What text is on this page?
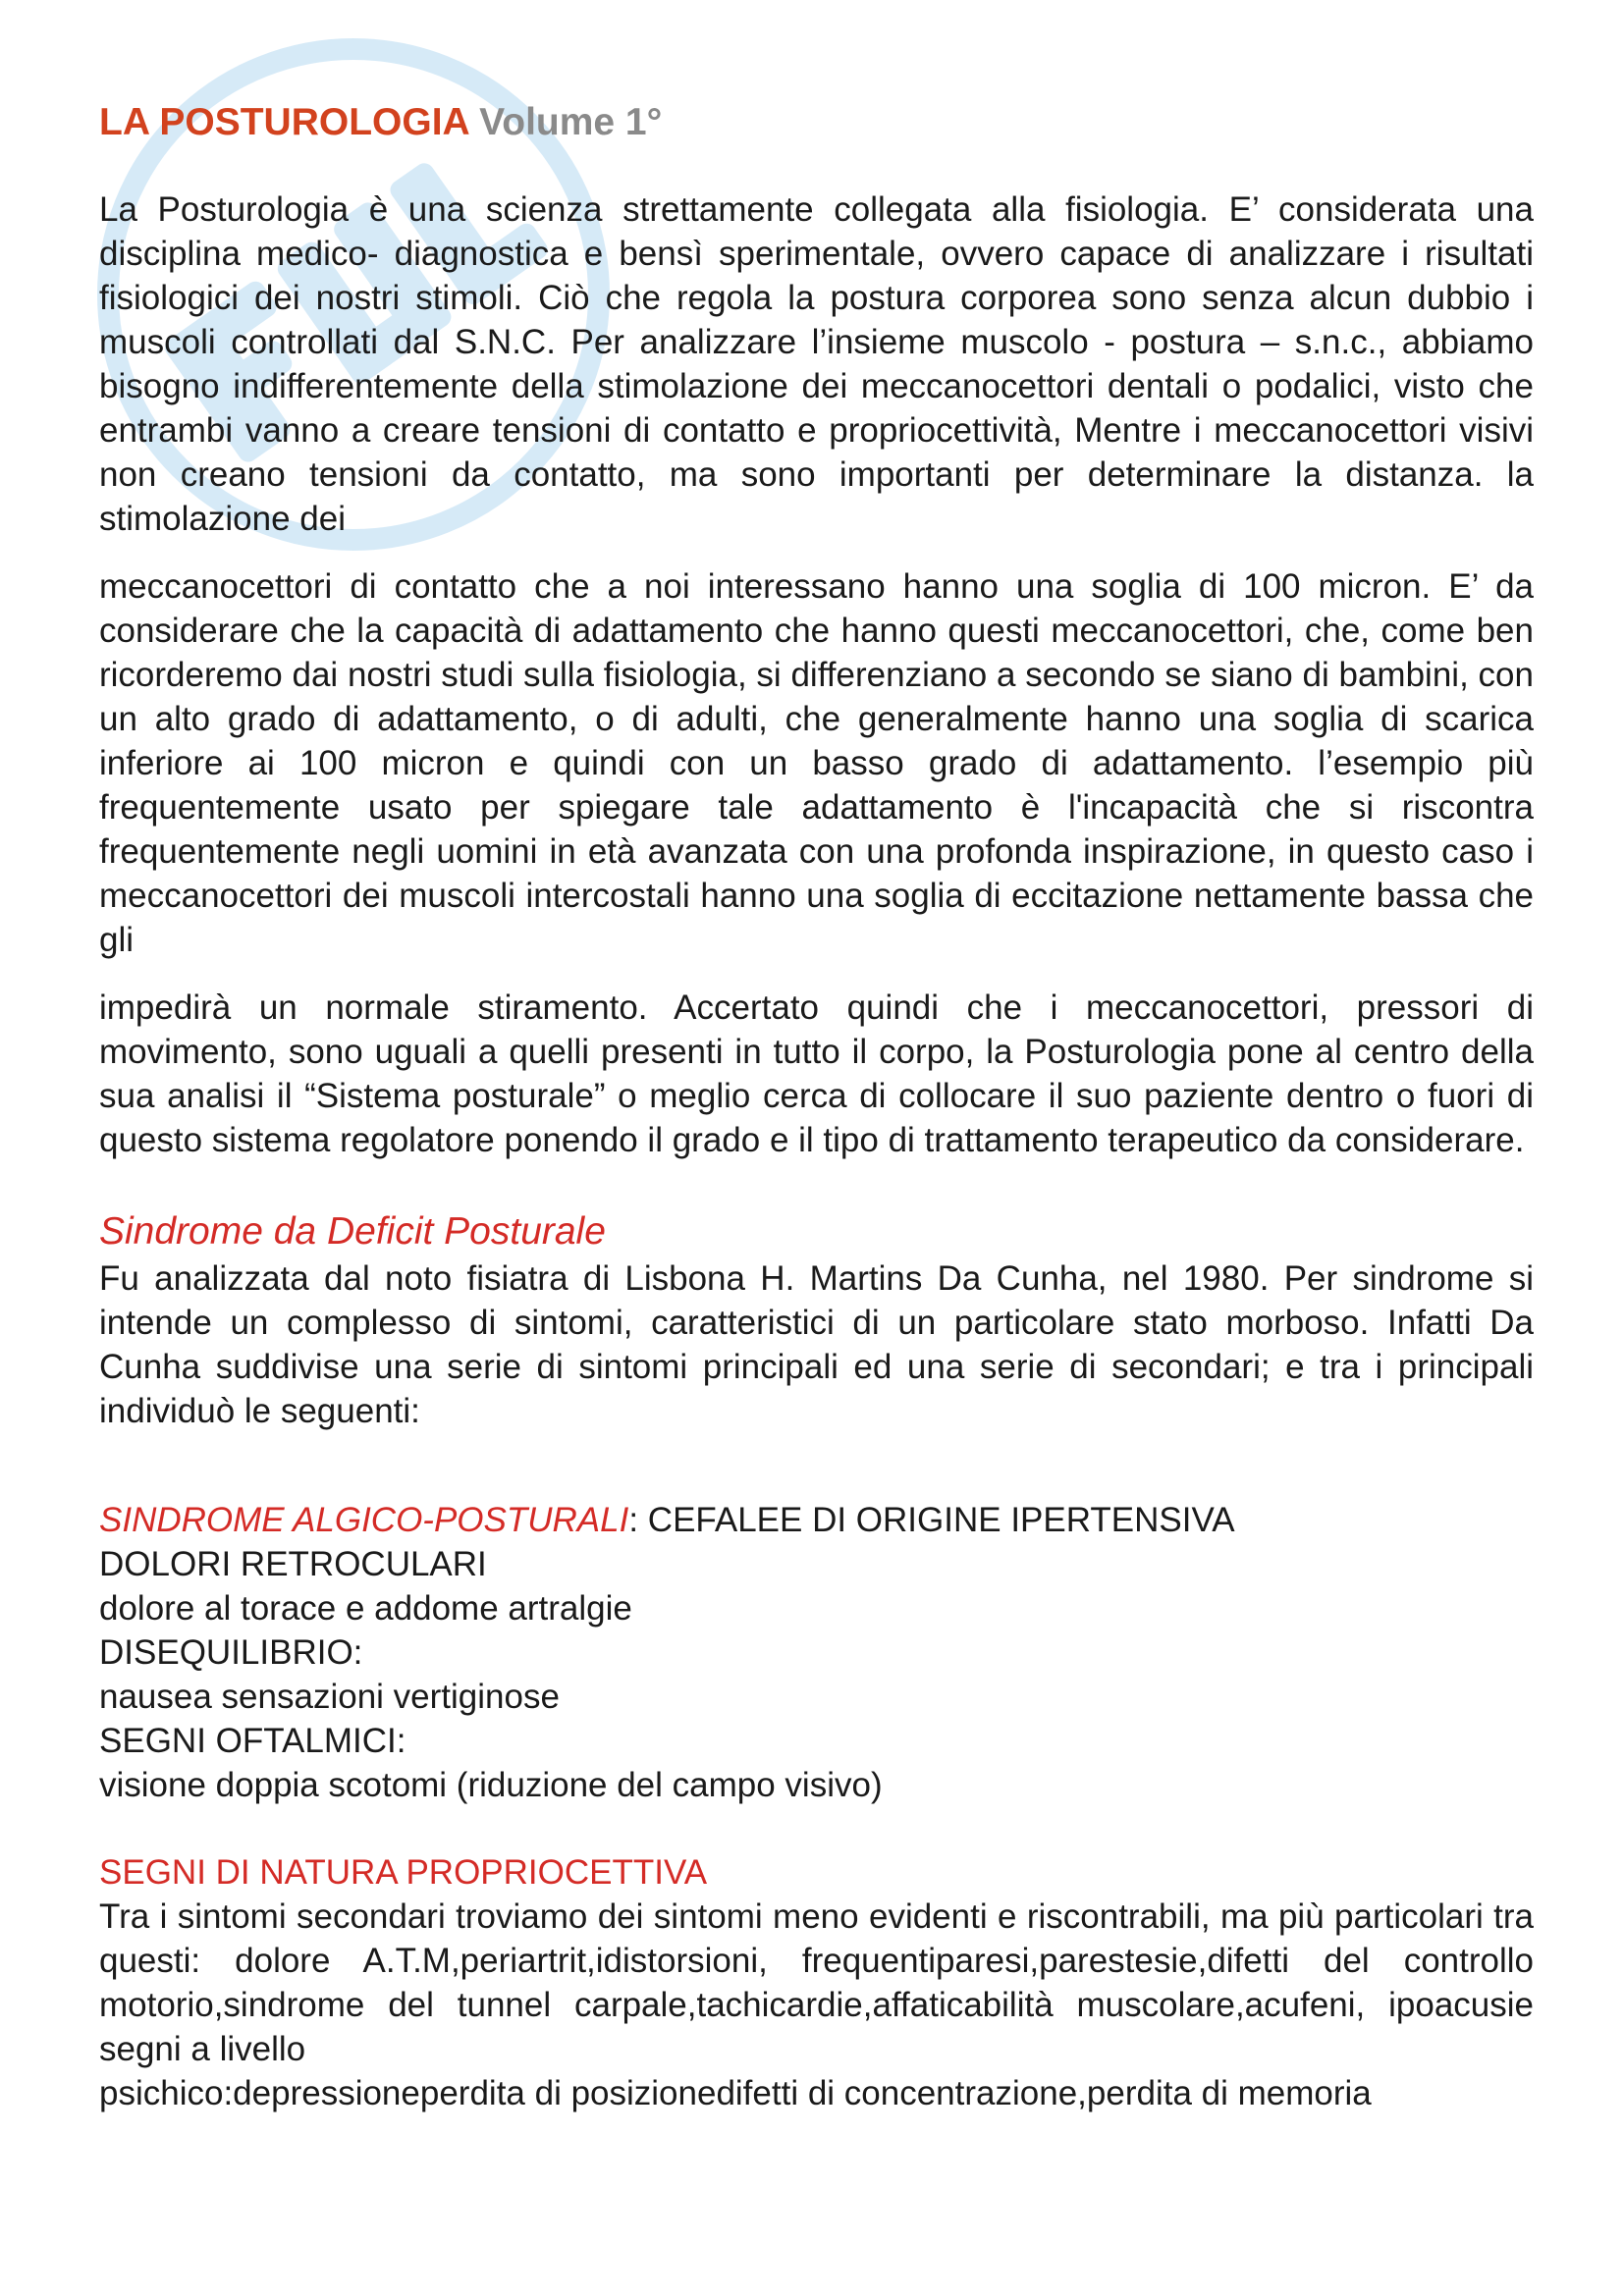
LA POSTUROLOGIA Volume 1°

La Posturologia è una scienza strettamente collegata alla fisiologia. E’ considerata una disciplina medico- diagnostica e bensì sperimentale, ovvero capace di analizzare i risultati fisiologici dei nostri stimoli. Ciò che regola la postura corporea sono senza alcun dubbio i muscoli controllati dal S.N.C. Per analizzare l’insieme muscolo - postura – s.n.c., abbiamo bisogno indifferentemente della stimolazione dei meccanocettori dentali o podalici, visto che entrambi vanno a creare tensioni di contatto e propriocettività, Mentre i meccanocettori visivi non creano tensioni da contatto, ma sono importanti per determinare la distanza. la stimolazione dei

meccanocettori di contatto che a noi interessano hanno una soglia di 100 micron. E’ da considerare che la capacità di adattamento che hanno questi meccanocettori, che, come ben ricorderemo dai nostri studi sulla fisiologia, si differenziano a secondo se siano di bambini, con un alto grado di adattamento, o di adulti, che generalmente hanno una soglia di scarica inferiore ai 100 micron e quindi con un basso grado di adattamento. l’esempio più frequentemente usato per spiegare tale adattamento è l'incapacità che si riscontra frequentemente negli uomini in età avanzata con una profonda inspirazione, in questo caso i meccanocettori dei muscoli intercostali hanno una soglia di eccitazione nettamente bassa che gli

impedirà un normale stiramento. Accertato quindi che i meccanocettori, pressori di movimento, sono uguali a quelli presenti in tutto il corpo, la Posturologia pone al centro della sua analisi il “Sistema posturale” o meglio cerca di collocare il suo paziente dentro o fuori di questo sistema regolatore ponendo il grado e il tipo di trattamento terapeutico da considerare.

Sindrome da Deficit Posturale

Fu analizzata dal noto fisiatra di Lisbona H. Martins Da Cunha, nel 1980. Per sindrome si intende un complesso di sintomi, caratteristici di un particolare stato morboso. Infatti Da Cunha suddivise una serie di sintomi principali ed una serie di secondari; e tra i principali individuò le seguenti:

SINDROME ALGICO-POSTURALI: CEFALEE DI ORIGINE IPERTENSIVA
DOLORI RETROCULARI
dolore al torace e addome artralgie
DISEQUILIBRIO:
nausea sensazioni vertiginose
SEGNI OFTALMICI:
visione doppia scotomi (riduzione del campo visivo)
SEGNI DI NATURA PROPRIOCETTIVA

Tra i sintomi secondari troviamo dei sintomi meno evidenti e riscontrabili, ma più particolari tra questi: dolore A.T.M,periartrit,idistorsioni, frequentiparesi,parestesie,difetti del controllo motorio,sindrome del tunnel carpale,tachicardie,affaticabilità muscolare,acufeni, ipoacusie segni a livello

psichico:depressioneperdita di posizionedifetti di concentrazione,perdita di memoria
